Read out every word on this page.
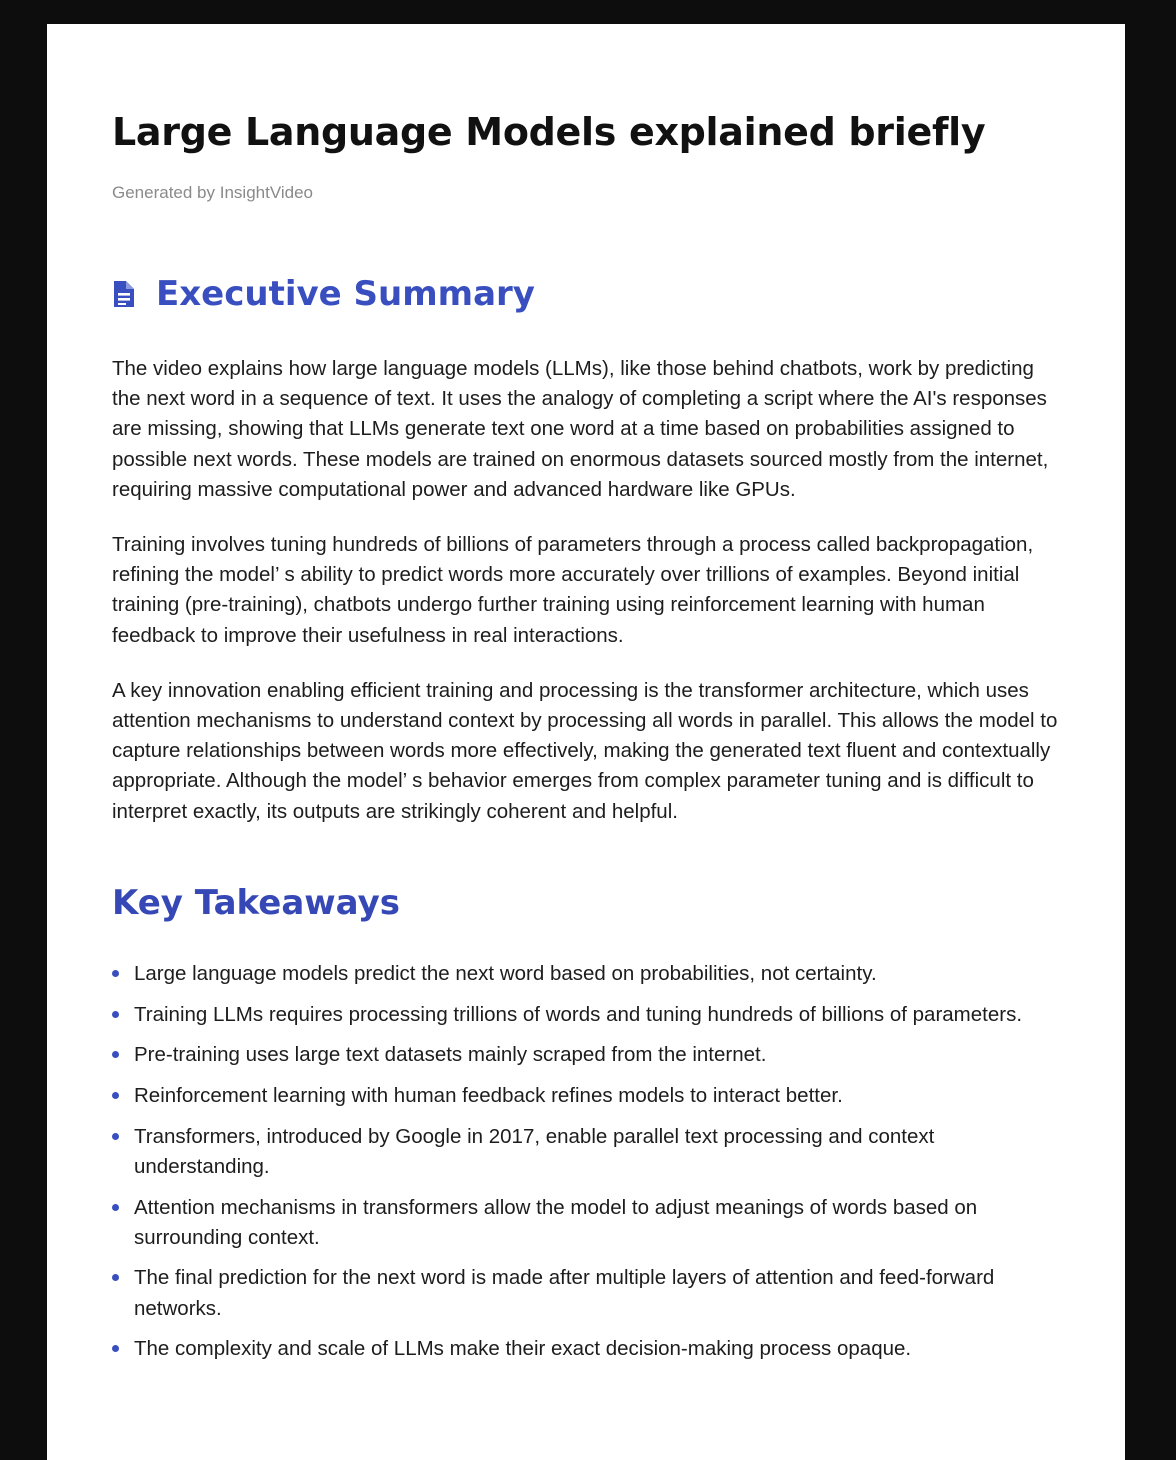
Large Language Models explained briefly
Generated by InsightVideo
Executive Summary

The video explains how large language models (LLMs), like those behind chatbots, work by predicting the next word in a sequence of text. It uses the analogy of completing a script where the AI's responses are missing, showing that LLMs generate text one word at a time based on probabilities assigned to possible next words. These models are trained on enormous datasets sourced mostly from the internet, requiring massive computational power and advanced hardware like GPUs.

Training involves tuning hundreds of billions of parameters through a process called backpropagation, refining the model’ s ability to predict words more accurately over trillions of examples. Beyond initial training (pre-training), chatbots undergo further training using reinforcement learning with human feedback to improve their usefulness in real interactions.

A key innovation enabling efficient training and processing is the transformer architecture, which uses attention mechanisms to understand context by processing all words in parallel. This allows the model to capture relationships between words more effectively, making the generated text fluent and contextually appropriate. Although the model’ s behavior emerges from complex parameter tuning and is difficult to interpret exactly, its outputs are strikingly coherent and helpful.

Key Takeaways
Large language models predict the next word based on probabilities, not certainty.
Training LLMs requires processing trillions of words and tuning hundreds of billions of parameters.
Pre-training uses large text datasets mainly scraped from the internet.
Reinforcement learning with human feedback refines models to interact better.
Transformers, introduced by Google in 2017, enable parallel text processing and context understanding.
Attention mechanisms in transformers allow the model to adjust meanings of words based on surrounding context.
The final prediction for the next word is made after multiple layers of attention and feed-forward networks.
The complexity and scale of LLMs make their exact decision-making process opaque.
